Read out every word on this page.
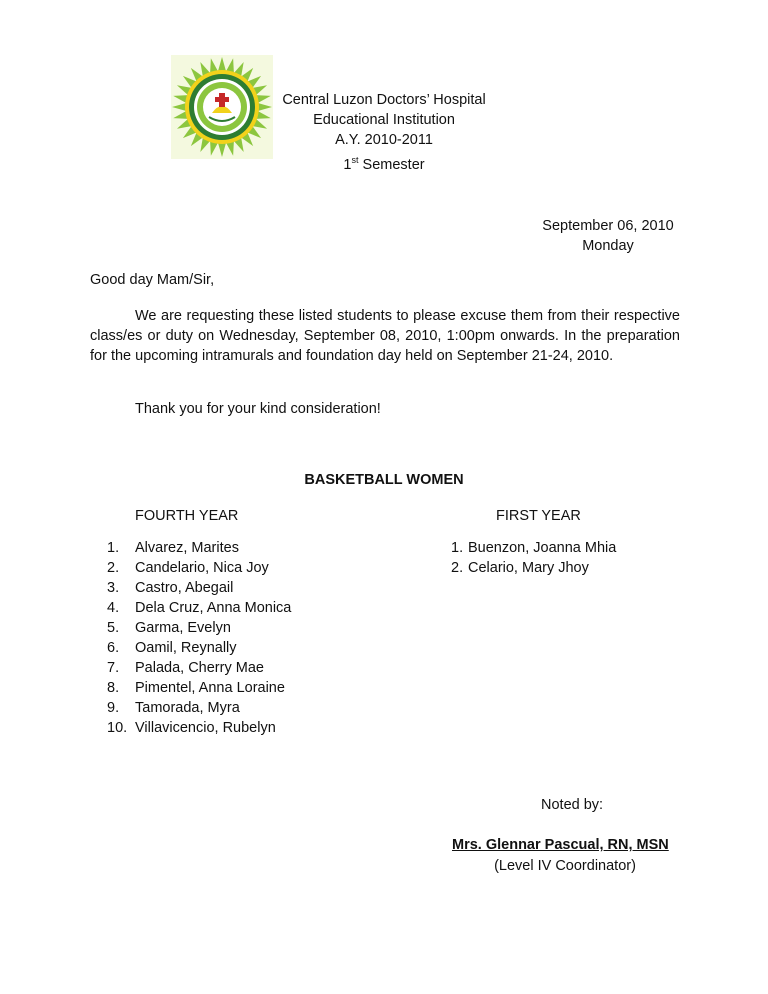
Central Luzon Doctors’ Hospital
Educational Institution
A.Y. 2010-2011
1st Semester
September 06, 2010
Monday
Good day Mam/Sir,

We are requesting these listed students to please excuse them from their respective class/es or duty on Wednesday, September 08, 2010, 1:00pm onwards. In the preparation for the upcoming intramurals and foundation day held on September 21-24, 2010.

Thank you for your kind consideration!
BASKETBALL WOMEN
FOURTH YEAR
1.	Alvarez, Marites
2.	Candelario, Nica Joy
3.	Castro, Abegail
4.	Dela Cruz, Anna Monica
5.	Garma, Evelyn
6.	Oamil, Reynally
7.	Palada, Cherry Mae
8.	Pimentel, Anna Loraine
9.	Tamorada, Myra
10. Villavicencio, Rubelyn
FIRST YEAR
1. Buenzon, Joanna Mhia
2. Celario, Mary Jhoy
Noted by:
Mrs. Glennar Pascual, RN, MSN
(Level IV Coordinator)
